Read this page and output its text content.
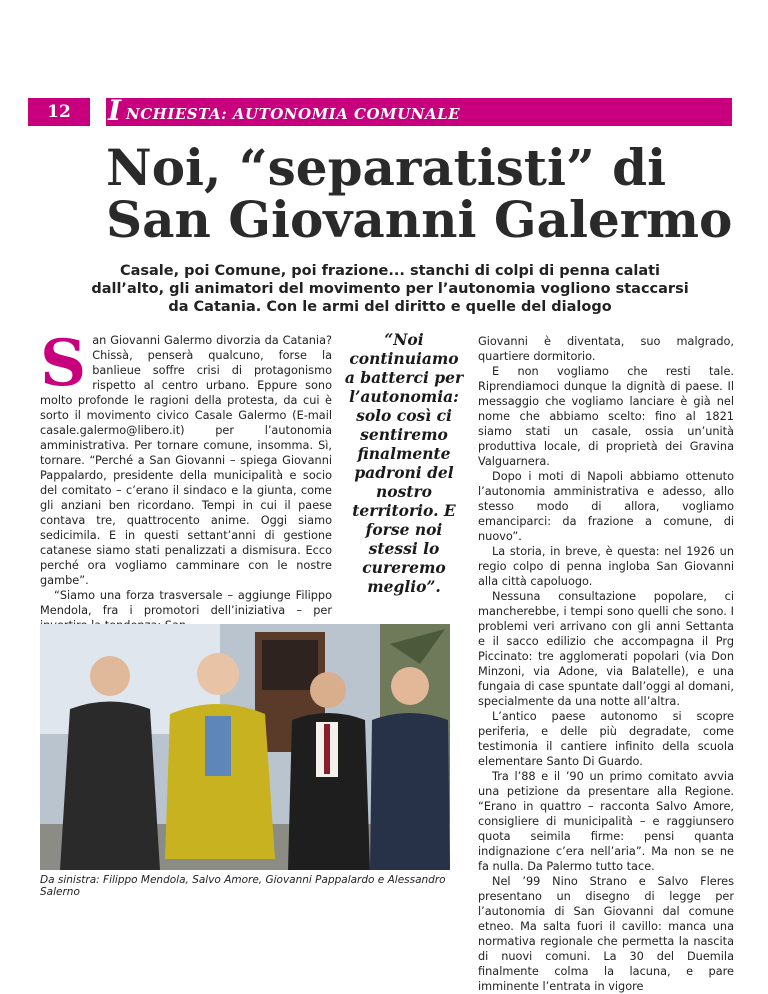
12	I NCHIESTA: AUTONOMIA COMUNALE
Noi, “separatisti” di
San Giovanni Galermo
Casale, poi Comune, poi frazione... stanchi di colpi di penna calati dall’alto, gli animatori del movimento per l’autonomia vogliono staccarsi da Catania. Con le armi del diritto e quelle del dialogo
S an Giovanni Galermo divorzia da Catania? Chissà, penserà qualcuno, forse la banlieue soffre crisi di protagonismo rispetto al centro urbano. Eppure sono molto profonde le ragioni della protesta, da cui è sorto il movimento civico Casale Galermo (E-mail casale.galermo@libero.it) per l’autonomia amministrativa. Per tornare comune, insomma. Sì, tornare. “Perché a San Giovanni – spiega Giovanni Pappalardo, presidente della municipalità e socio del comitato – c’erano il sindaco e la giunta, come gli anziani ben ricordano. Tempi in cui il paese contava tre, quattrocento anime. Oggi siamo sedicimila. E in questi settant’anni di gestione catanese siamo stati penalizzati a dismisura. Ecco perché ora vogliamo camminare con le nostre gambe”.

“Siamo una forza trasversale – aggiunge Filippo Mendola, fra i promotori dell’iniziativa – per

“Noi continuiamo a batterci per l’autonomia: solo così ci sentiremo finalmente padroni del nostro territorio. E forse noi stessi lo cureremo meglio”.

Giovanni è diventata, suo malgrado, quartiere dormitorio.

E non vogliamo che resti tale. Riprendiamoci dunque la dignità di paese. Il messaggio che vogliamo lanciare è già nel nome che abbiamo scelto: fino al 1821 siamo stati un casale, ossia un’unità produttiva locale, di proprietà dei Gravina Valguarnera.

Dopo i moti di Napoli abbiamo ottenuto l’autonomia amministrativa e adesso, allo stesso modo di allora, vogliamo emanciparci: da frazione a comune, di nuovo”.

La storia, in breve, è questa: nel 1926 un regio colpo di penna ingloba San Giovanni alla città capoluogo.

Nessuna consultazione popolare, ci mancherebbe, i tempi sono quelli che sono. I problemi veri arrivano con gli anni Settanta e il sacco edilizio che accompagna il Prg Piccinato: tre agglomerati popolari (via Don Minzoni, via Adone, via Balatelle), e una fungaia di case spuntate dall’oggi al domani, specialmente da una notte all’altra.

L’antico paese autonomo si scopre periferia, e delle più degradate, come testimonia il cantiere infinito della scuola elementare Santo Di Guardo.

Tra l’88 e il ’90 un primo comitato avvia una petizione da presentare alla Regione. “Erano in quattro – racconta Salvo Amore, consigliere di municipalità – e raggiunsero quota seimila firme: pensi quanta indignazione c’era nell’aria”. Ma non se ne fa nulla. Da Palermo tutto tace.

Nel ’99 Nino Strano e Salvo Fleres presentano un disegno di legge per l’autonomia di San Giovanni dal comune etneo. Ma salta fuori il cavillo: manca una normativa regionale che permetta la nascita di nuovi comuni. La 30 del Duemila finalmente colma la lacuna, e pare imminente l’entrata in vigore

Da sinistra: Filippo Mendola, Salvo Amore, Giovanni Pappalardo e Alessandro Salerno
